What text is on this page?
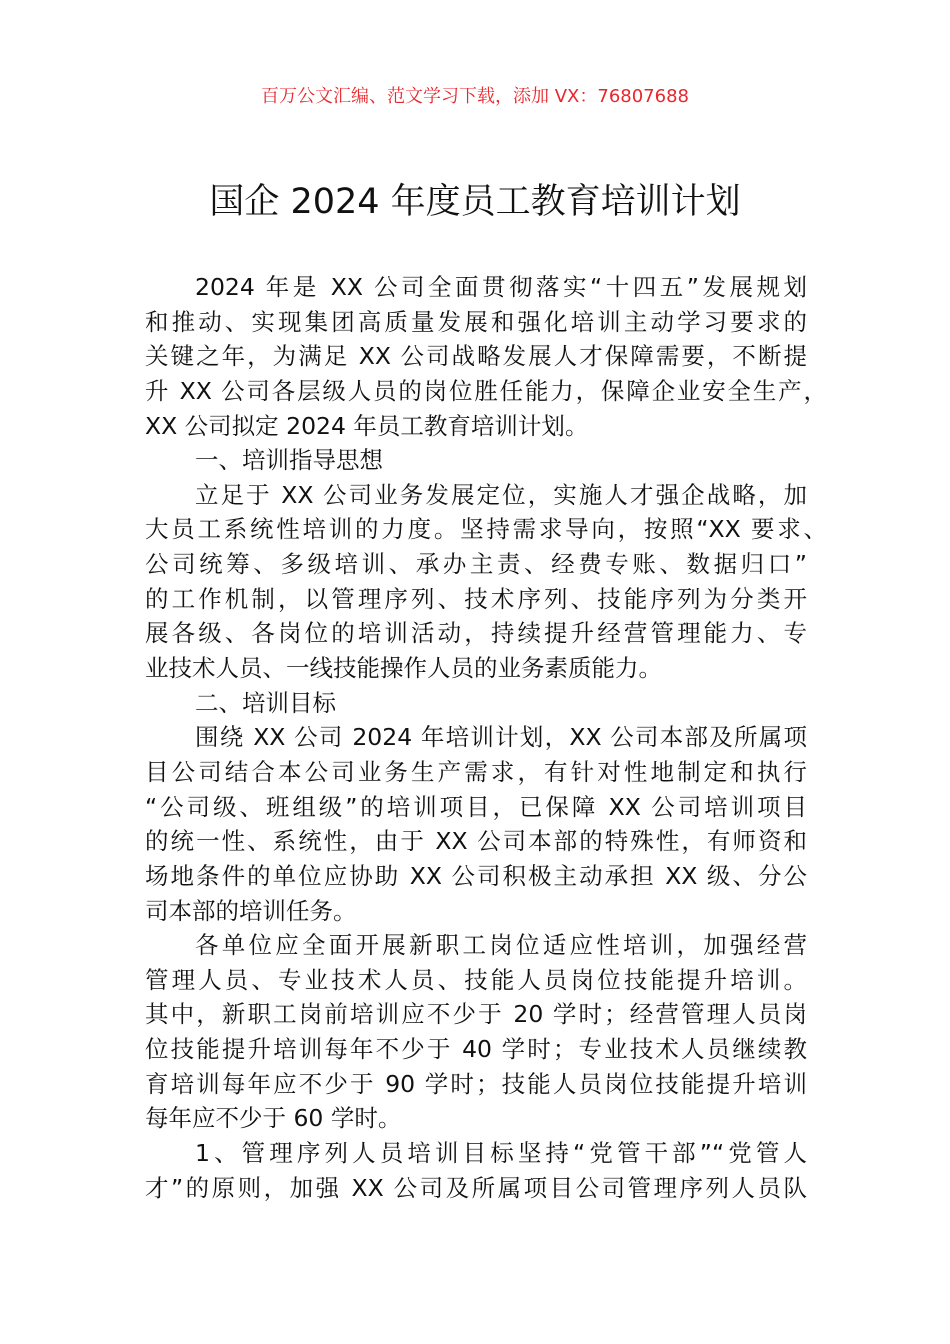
百万公文汇编、范文学习下载，添加 VX：76807688
国企 2024 年度员工教育培训计划
2024 年是 XX 公司全面贯彻落实“十四五”发展规划
和推动、实现集团高质量发展和强化培训主动学习要求的
关键之年，为满足 XX 公司战略发展人才保障需要，不断提
升 XX 公司各层级人员的岗位胜任能力，保障企业安全生产，
XX 公司拟定 2024 年员工教育培训计划。
一、培训指导思想
立足于 XX 公司业务发展定位，实施人才强企战略，加
大员工系统性培训的力度。坚持需求导向，按照“XX 要求、
公司统筹、多级培训、承办主责、经费专账、数据归口”
的工作机制，以管理序列、技术序列、技能序列为分类开
展各级、各岗位的培训活动，持续提升经营管理能力、专
业技术人员、一线技能操作人员的业务素质能力。
二、培训目标
围绕 XX 公司 2024 年培训计划，XX 公司本部及所属项
目公司结合本公司业务生产需求，有针对性地制定和执行
“公司级、班组级”的培训项目，已保障 XX 公司培训项目
的统一性、系统性，由于 XX 公司本部的特殊性，有师资和
场地条件的单位应协助 XX 公司积极主动承担 XX 级、分公
司本部的培训任务。
各单位应全面开展新职工岗位适应性培训，加强经营
管理人员、专业技术人员、技能人员岗位技能提升培训。
其中，新职工岗前培训应不少于 20 学时；经营管理人员岗
位技能提升培训每年不少于 40 学时；专业技术人员继续教
育培训每年应不少于 90 学时；技能人员岗位技能提升培训
每年应不少于 60 学时。
1、管理序列人员培训目标坚持“党管干部”“党管人
才”的原则，加强 XX 公司及所属项目公司管理序列人员队
